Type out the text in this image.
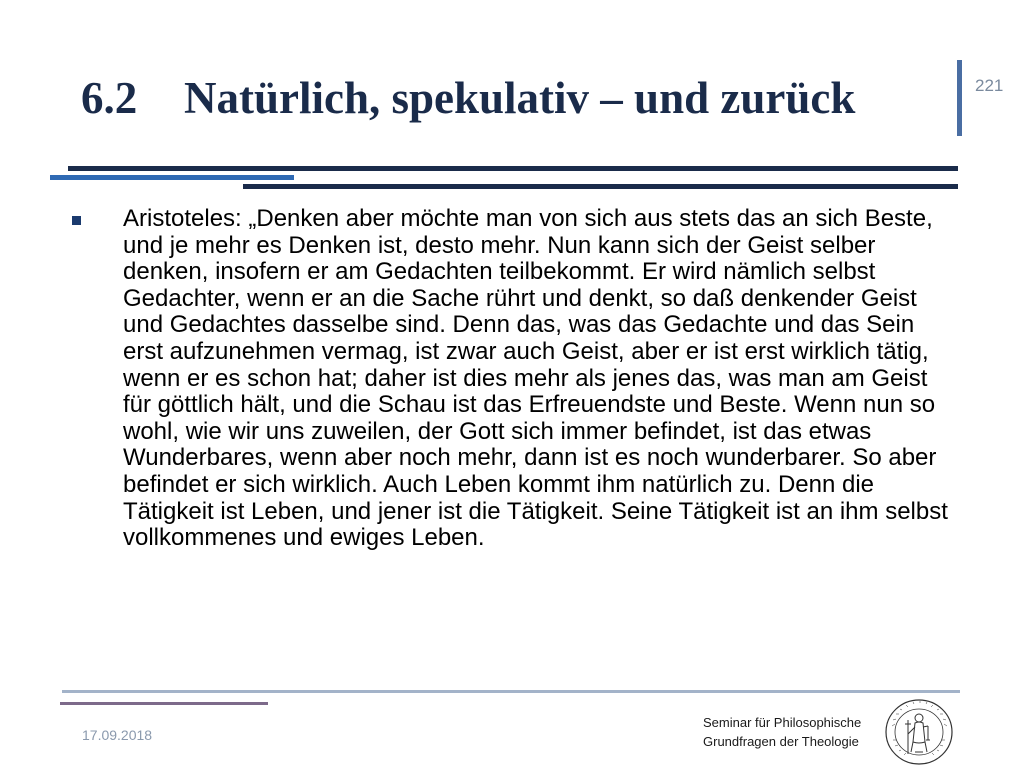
6.2 Natürlich, spekulativ – und zurück	221

Aristoteles: „Denken aber möchte man von sich aus stets das an sich Beste, und je mehr es Denken ist, desto mehr. Nun kann sich der Geist selber denken, insofern er am Gedachten teilbekommt. Er wird nämlich selbst Gedachter, wenn er an die Sache rührt und denkt, so daß denkender Geist und Gedachtes dasselbe sind. Denn das, was das Gedachte und das Sein erst aufzunehmen vermag, ist zwar auch Geist, aber er ist erst wirklich tätig, wenn er es schon hat; daher ist dies mehr als jenes das, was man am Geist für göttlich hält, und die Schau ist das Erfreuendste und Beste. Wenn nun so wohl, wie wir uns zuweilen, der Gott sich immer befindet, ist das etwas Wunderbares, wenn aber noch mehr, dann ist es noch wunderbarer. So aber befindet er sich wirklich. Auch Leben kommt ihm natürlich zu. Denn die Tätigkeit ist Leben, und jener ist die Tätigkeit. Seine Tätigkeit ist an ihm selbst vollkommenes und ewiges Leben.

17.09.2018
Seminar für Philosophische
Grundfragen der Theologie
